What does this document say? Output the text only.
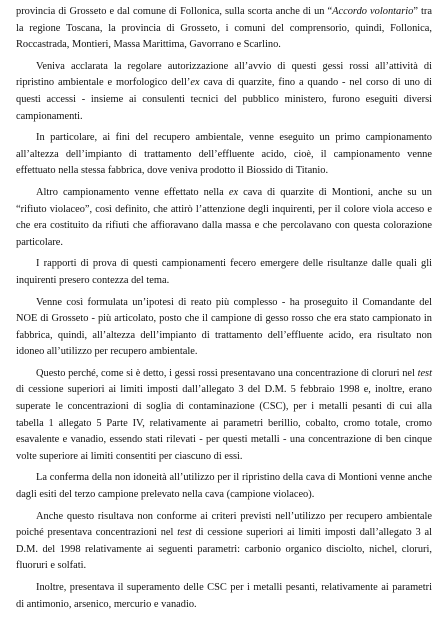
provincia di Grosseto e dal comune di Follonica, sulla scorta anche di un “Accordo volontario” tra la regione Toscana, la provincia di Grosseto, i comuni del comprensorio, quindi, Follonica, Roccastrada, Montieri, Massa Marittima, Gavorrano e Scarlino.

Veniva acclarata la regolare autorizzazione all’avvio di questi gessi rossi all’attività di ripristino ambientale e morfologico dell’ex cava di quarzite, fino a quando - nel corso di uno di questi accessi - insieme ai consulenti tecnici del pubblico ministero, furono eseguiti diversi campionamenti.

In particolare, ai fini del recupero ambientale, venne eseguito un primo campionamento all’altezza dell’impianto di trattamento dell’effluente acido, cioè, il campionamento venne effettuato nella stessa fabbrica, dove veniva prodotto il Biossido di Titanio.

Altro campionamento venne effettato nella ex cava di quarzite di Montioni, anche su un “rifiuto violaceo”, così definito, che attirò l’attenzione degli inquirenti, per il colore viola acceso e che era costituito da rifiuti che affioravano dalla massa e che percolavano con questa colorazione particolare.

I rapporti di prova di questi campionamenti fecero emergere delle risultanze dalle quali gli inquirenti presero contezza del tema.

Venne così formulata un’ipotesi di reato più complesso - ha proseguito il Comandante del NOE di Grosseto - più articolato, posto che il campione di gesso rosso che era stato campionato in fabbrica, quindi, all’altezza dell’impianto di trattamento dell’effluente acido, era risultato non idoneo all’utilizzo per recupero ambientale.

Questo perché, come si è detto, i gessi rossi presentavano una concentrazione di cloruri nel test di cessione superiori ai limiti imposti dall’allegato 3 del D.M. 5 febbraio 1998 e, inoltre, erano superate le concentrazioni di soglia di contaminazione (CSC), per i metalli pesanti di cui alla tabella 1 allegato 5 Parte IV, relativamente ai parametri berillio, cobalto, cromo totale, cromo esavalente e vanadio, essendo stati rilevati - per questi metalli - una concentrazione di ben cinque volte superiore ai limiti consentiti per ciascuno di essi.

La conferma della non idoneità all’utilizzo per il ripristino della cava di Montioni venne anche dagli esiti del terzo campione prelevato nella cava (campione violaceo).

Anche questo risultava non conforme ai criteri previsti nell’utilizzo per recupero ambientale poiché presentava concentrazioni nel test di cessione superiori ai limiti imposti dall’allegato 3 al D.M. del 1998 relativamente ai seguenti parametri: carbonio organico disciolto, nichel, cloruri, fluoruri e solfati.

Inoltre, presentava il superamento delle CSC per i metalli pesanti, relativamente ai parametri di antimonio, arsenico, mercurio e vanadio.
